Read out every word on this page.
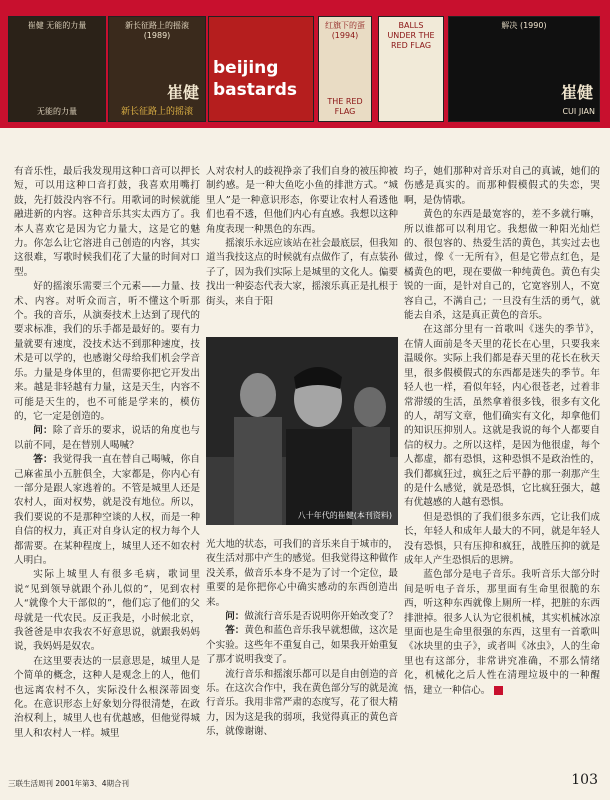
崔健 无能的力量
无能的力量
新长征路上的摇滚 (1989)
崔健
新长征路上的摇滚
beijing bastards
红旗下的蛋 (1994)
THE RED FLAG
BALLS UNDER THE RED FLAG
解决 (1990)
崔健
CUI JIAN

有音乐性，最后我发现用这种口音可以押长短，可以用这种口音打鼓，我喜欢用嘴打鼓，先打鼓没内容不行。用歌词的时候就能融进新的内容。这种音乐其实太西方了。我本人喜欢它是因为它力量大，这是它的魅力。你怎么让它溶进自己创造的内容，其实这很难，写歌时候我们花了大量的时间对口型。

好的摇滚乐需要三个元素——力量、技术、内容。对听众而言，听不懂这个听那个。我的音乐，从演奏技术上达到了现代的要求标准，我们的乐手都是最好的。要有力量就要有速度，没技术达不到那种速度，技术是可以学的，也感谢父母给我们机会学音乐。力量是身体里的，但需要你把它开发出来。越是非轻越有力量，这是天生，内容不可能是天生的，也不可能是学来的，模仿的，它一定是创造的。

问：除了音乐的要求，说话的角度也与以前不同，是在替别人喝喊？

答：我觉得我一直在替自己喝喊，你自己麻雀虽小五脏俱全，大家都是，你内心有一部分是跟人家逃着的。不管是城里人还是农村人，面对权势，就是没有地位。所以，我们要说的不是那种空谈的人权，而是一种自信的权力，真正对自身认定的权力每个人都需要。在某种程度上，城里人还不如农村人明白。

实际上城里人有很多毛病，歌词里说“见到领导就跟个孙儿似的”，见到农村人“就像个大干部似的”，他们忘了他们的父母就是一代农民。反正我是，小时候北京，我爸爸是申农我农不好意思说，就跟我妈妈说，我妈妈是奴农。

在这里要表达的一层意思是，城里人是个简单的概念，这种人是观念上的人，他们也远离农村不久，实际没什么根深蒂固变化。在意识形态上好象划分得很清楚，在政治权利上，城里人也有优越感，但他觉得城里人和农村人一样。城里

人对农村人的歧视挣亲了我们自身的被压抑被制约感。是一种大鱼吃小鱼的排泄方式。“城里人”是一种意识形态，你要让农村人看透他们也看不透，但他们内心有直感。我想以这种角度表现一种黑色的东西。

摇滚乐永远应该站在社会最底层，但我知道当我技这点的时候就有点做作了，有点装孙子了，因为我们实际上是城里的文化人。偏要找出一种姿态代表大家，摇滚乐真正是扎根于街头，来自于阳

八十年代的崔健(本刊资料)

光大地的状态，可我们的音乐来自于城市的，夜生活对那中产生的感觉。但我觉得这种做作没关系，做音乐本身不是为了讨一个定位，最重要的是你把你心中确实感动的东西创造出来。

问：做流行音乐是否说明你开始改变了？

答：黄色和蓝色音乐我早就想做，这次是个实验。这些年不重复自己，如果我开始重复了那才说明我变了。

流行音乐和摇滚乐都可以是自由创造的音乐。在这次合作中，我在黄色部分写的就是流行音乐。我用非常严肃的态度写，花了很大精力，因为这是我的弱项，我觉得真正的黄色音乐，就像谢谢、

均子，她们那种对音乐对自己的真诚，她们的伤感是真实的。而那种假模假式的失恋，哭啊，是伪情歌。

黄色的东西是最宽容的，差不多就行嘛，所以谁都可以利用它。我想做一种阳光灿烂的、很包容的、热爱生活的黄色，其实过去也做过，像《一无所有》，但是它带点红色，是橘黄色的吧，现在要做一种纯黄色。黄色有尖锐的一面，是针对自己的，它宽容别人，不宽容自己，不满自己；一旦没有生活的勇气，就能去自杀，这是真正黄色的音乐。

在这部分里有一首歌叫《迷失的季节》，在情人面前是冬天里的花长在心里，只要我来温暖你。实际上我们都是春天里的花长在秋天里，很多假模假式的东西都是迷失的季节。年轻人也一样，看似年轻，内心很苍老，过着非常滞缓的生活，虽然拿着很多钱，很多有文化的人，胡写文章，他们确实有文化，却拿他们的知识压抑别人。这就是我说的每个人都要自信的权力。之所以这样，是因为他很虚，每个人都虚，都有恐惧，这种恐惧不是政治性的，我们都疯狂过，疯狂之后平静的那一刹那产生的是什么感觉，就是恐惧，它比疯狂强大，越有优越感的人越有恐惧。

但是恐惧的了我们很多东西，它让我们成长，年轻人和成年人最大的不同，就是年轻人没有恐惧，只有压抑和疯狂，战胜压抑的就是成年人产生恐惧后的思辨。

蓝色部分是电子音乐。我听音乐大部分时间是听电子音乐，那里面有生命里很脆的东西，听这种东西就像上厕所一样，把脏的东西排泄掉。很多人认为它很机械，其实机械冰凉里面也是生命里很强的东西，这里有一首歌叫《冰块里的虫子》，或者叫《冰虫》，人的生命里也有这部分，非常讲究准确，不那么情绪化，机械化之后人性在清理垃圾中的一种醒悟，建立一种信心。

三联生活周刊 2001年第3、4期合刊	103
